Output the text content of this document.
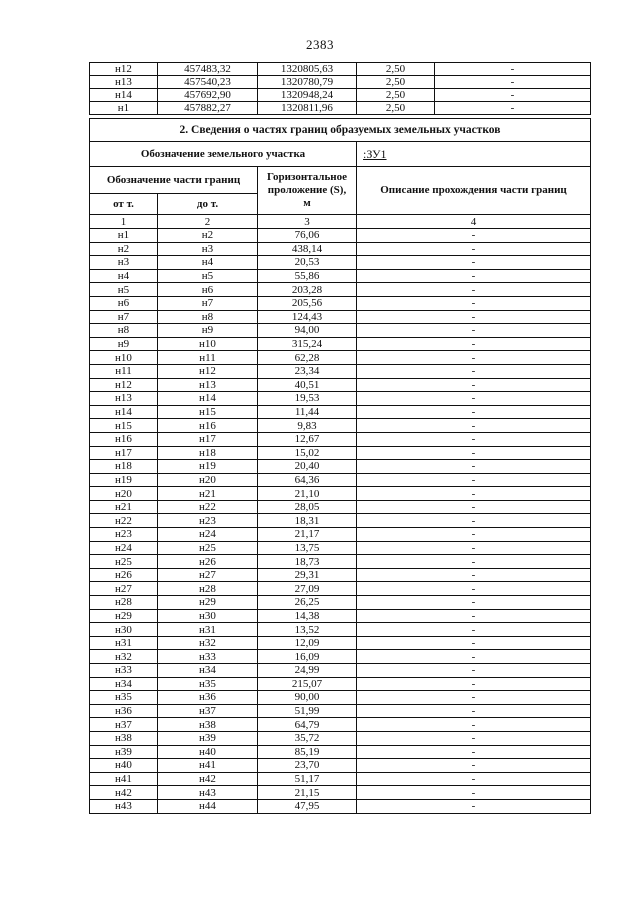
2383
н12	457483,32	1320805,63	2,50	-
н13	457540,23	1320780,79	2,50	-
н14	457692,90	1320948,24	2,50	-
н1	457882,27	1320811,96	2,50	-
2. Сведения о частях границ образуемых земельных участков			
Обозначение земельного участка			:ЗУ1
Обозначение части границ		Горизонтальное
проложение (S),
м	Описание прохождения части границ
от т.	до т.		
1	2	3	4
н1	н2	76,06	-
н2	н3	438,14	-
н3	н4	20,53	-
н4	н5	55,86	-
н5	н6	203,28	-
н6	н7	205,56	-
н7	н8	124,43	-
н8	н9	94,00	-
н9	н10	315,24	-
н10	н11	62,28	-
н11	н12	23,34	-
н12	н13	40,51	-
н13	н14	19,53	-
н14	н15	11,44	-
н15	н16	9,83	-
н16	н17	12,67	-
н17	н18	15,02	-
н18	н19	20,40	-
н19	н20	64,36	-
н20	н21	21,10	-
н21	н22	28,05	-
н22	н23	18,31	-
н23	н24	21,17	-
н24	н25	13,75	-
н25	н26	18,73	-
н26	н27	29,31	-
н27	н28	27,09	-
н28	н29	26,25	-
н29	н30	14,38	-
н30	н31	13,52	-
н31	н32	12,09	-
н32	н33	16,09	-
н33	н34	24,99	-
н34	н35	215,07	-
н35	н36	90,00	-
н36	н37	51,99	-
н37	н38	64,79	-
н38	н39	35,72	-
н39	н40	85,19	-
н40	н41	23,70	-
н41	н42	51,17	-
н42	н43	21,15	-
н43	н44	47,95	-
